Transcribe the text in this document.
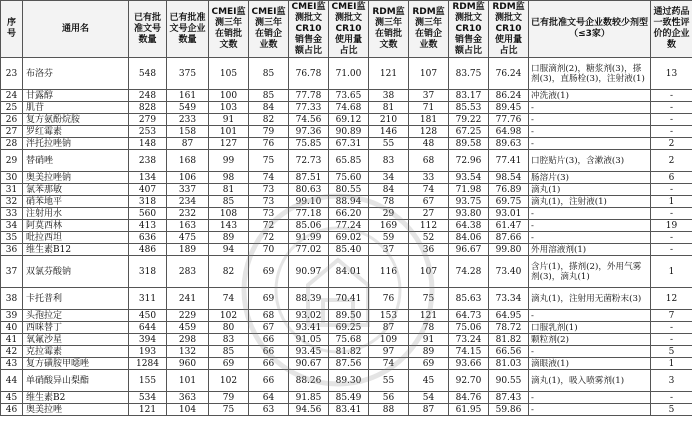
序号	通用名	已有批准文号数量	已有批准文号企业数量	CMEI监测三年在销批文数	CMEI监测三年在销企业数	CMEI监测批文CR10销售金额占比	CMEI监测批文CR10使用量占比	RDM监测三年在销批文数	RDM监测三年在销企业数	RDM监测批文CR10销售金额占比	RDM监测批文CR10使用量占比	已有批准文号企业数较少剂型（≤3家）	通过药品一致性评价的企业数
23	布洛芬	548	375	105	85	76.78	71.00	121	107	83.75	76.24	口服滴剂(2)，糖浆剂(3)，搽剂(3)，直肠栓(3)，注射液(1)	13
24	甘露醇	248	161	100	85	77.78	73.65	38	37	83.17	86.24	冲洗液(1)	-
25	肌苷	828	549	103	84	77.33	74.68	81	71	85.53	89.45	-	-
26	复方氨酚烷胺	279	233	91	82	74.56	69.12	210	181	79.22	77.76	-	-
27	罗红霉素	253	158	101	79	97.36	90.89	146	128	67.25	64.98	-	-
28	泮托拉唑钠	148	87	127	76	75.85	67.31	55	48	89.58	89.63	-	2
29	替硝唑	238	168	99	75	72.73	65.85	83	68	72.96	77.41	口腔贴片(3)，含漱液(3)	2
30	奥美拉唑钠	134	106	98	74	87.51	75.60	34	33	93.54	98.54	肠溶片(3)	6
31	氯苯那敏	407	337	81	73	80.63	80.55	84	74	71.98	76.89	滴丸(1)	-
32	硝苯地平	318	234	85	73	99.10	88.94	78	67	93.75	69.75	滴丸(1)，注射液(1)	1
33	注射用水	560	232	108	73	77.18	66.20	29	27	93.80	93.01	-	-
34	阿莫西林	413	163	143	72	85.06	77.24	169	112	64.38	61.47	-	19
35	吡拉西坦	636	475	89	72	91.99	69.02	59	52	84.06	87.66	-	-
36	维生素B12	486	189	94	70	77.02	85.40	37	36	96.67	99.80	外用溶液剂(1)	-
37	双氯芬酸钠	318	283	82	69	90.97	84.01	116	107	74.28	73.40	含片(1)，搽剂(2)，外用气雾剂(3)，滴丸(1)	1
38	卡托普利	311	241	74	69	88.39	70.41	76	75	85.63	73.34	滴丸(1)，注射用无菌粉末(3)	12
39	头孢拉定	450	229	102	68	93.02	89.50	153	121	64.73	64.95	-	7
40	西咪替丁	644	459	80	67	93.41	69.25	87	78	75.06	78.72	口服乳剂(1)	-
41	氧氟沙星	394	298	83	66	91.05	75.68	109	91	73.24	81.82	颗粒剂(2)	-
42	克拉霉素	193	132	85	66	93.45	81.82	97	89	74.15	66.56	-	5
43	复方磺胺甲噁唑	1284	960	69	66	90.67	87.56	74	69	93.66	81.03	滴眼液(1)	1
44	单硝酸异山梨酯	155	101	102	66	88.26	89.30	55	45	92.70	90.55	滴丸(1)，吸入喷雾剂(1)	3
45	维生素B2	534	363	79	64	91.85	85.49	56	54	84.76	87.43	-	-
46	奥美拉唑	121	104	75	63	94.56	83.41	88	87	61.95	59.86	-	5
